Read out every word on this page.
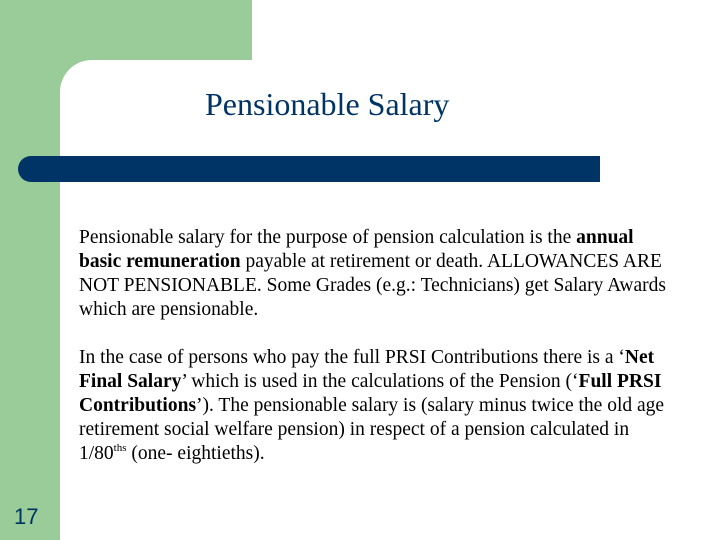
Pensionable Salary

Pensionable salary for the purpose of pension calculation is the annual basic remuneration payable at retirement or death. ALLOWANCES ARE NOT PENSIONABLE. Some Grades (e.g.: Technicians) get Salary Awards which are pensionable.

In the case of persons who pay the full PRSI Contributions there is a ‘Net Final Salary’ which is used in the calculations of the Pension (‘Full PRSI Contributions’). The pensionable salary is (salary minus twice the old age retirement social welfare pension) in respect of a pension calculated in $1/80^{ths}$ (one- eightieths).

17
